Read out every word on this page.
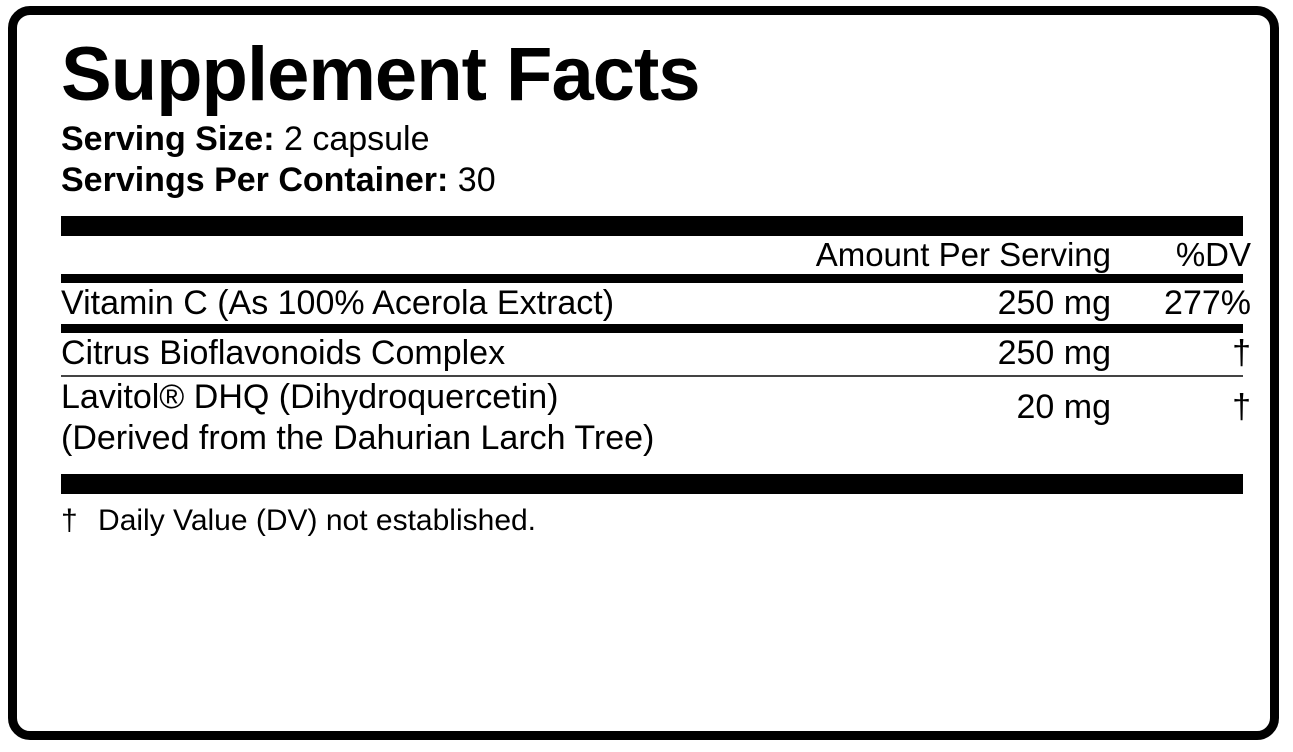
Supplement Facts
Serving Size: 2 capsule
Servings Per Container: 30
	Amount Per Serving	%DV
Vitamin C (As 100% Acerola Extract)	250 mg	277%
Citrus Bioflavonoids Complex	250 mg	†
Lavitol® DHQ (Dihydroquercetin)
(Derived from the Dahurian Larch Tree)
	20 mg	†
† Daily Value (DV) not established.
